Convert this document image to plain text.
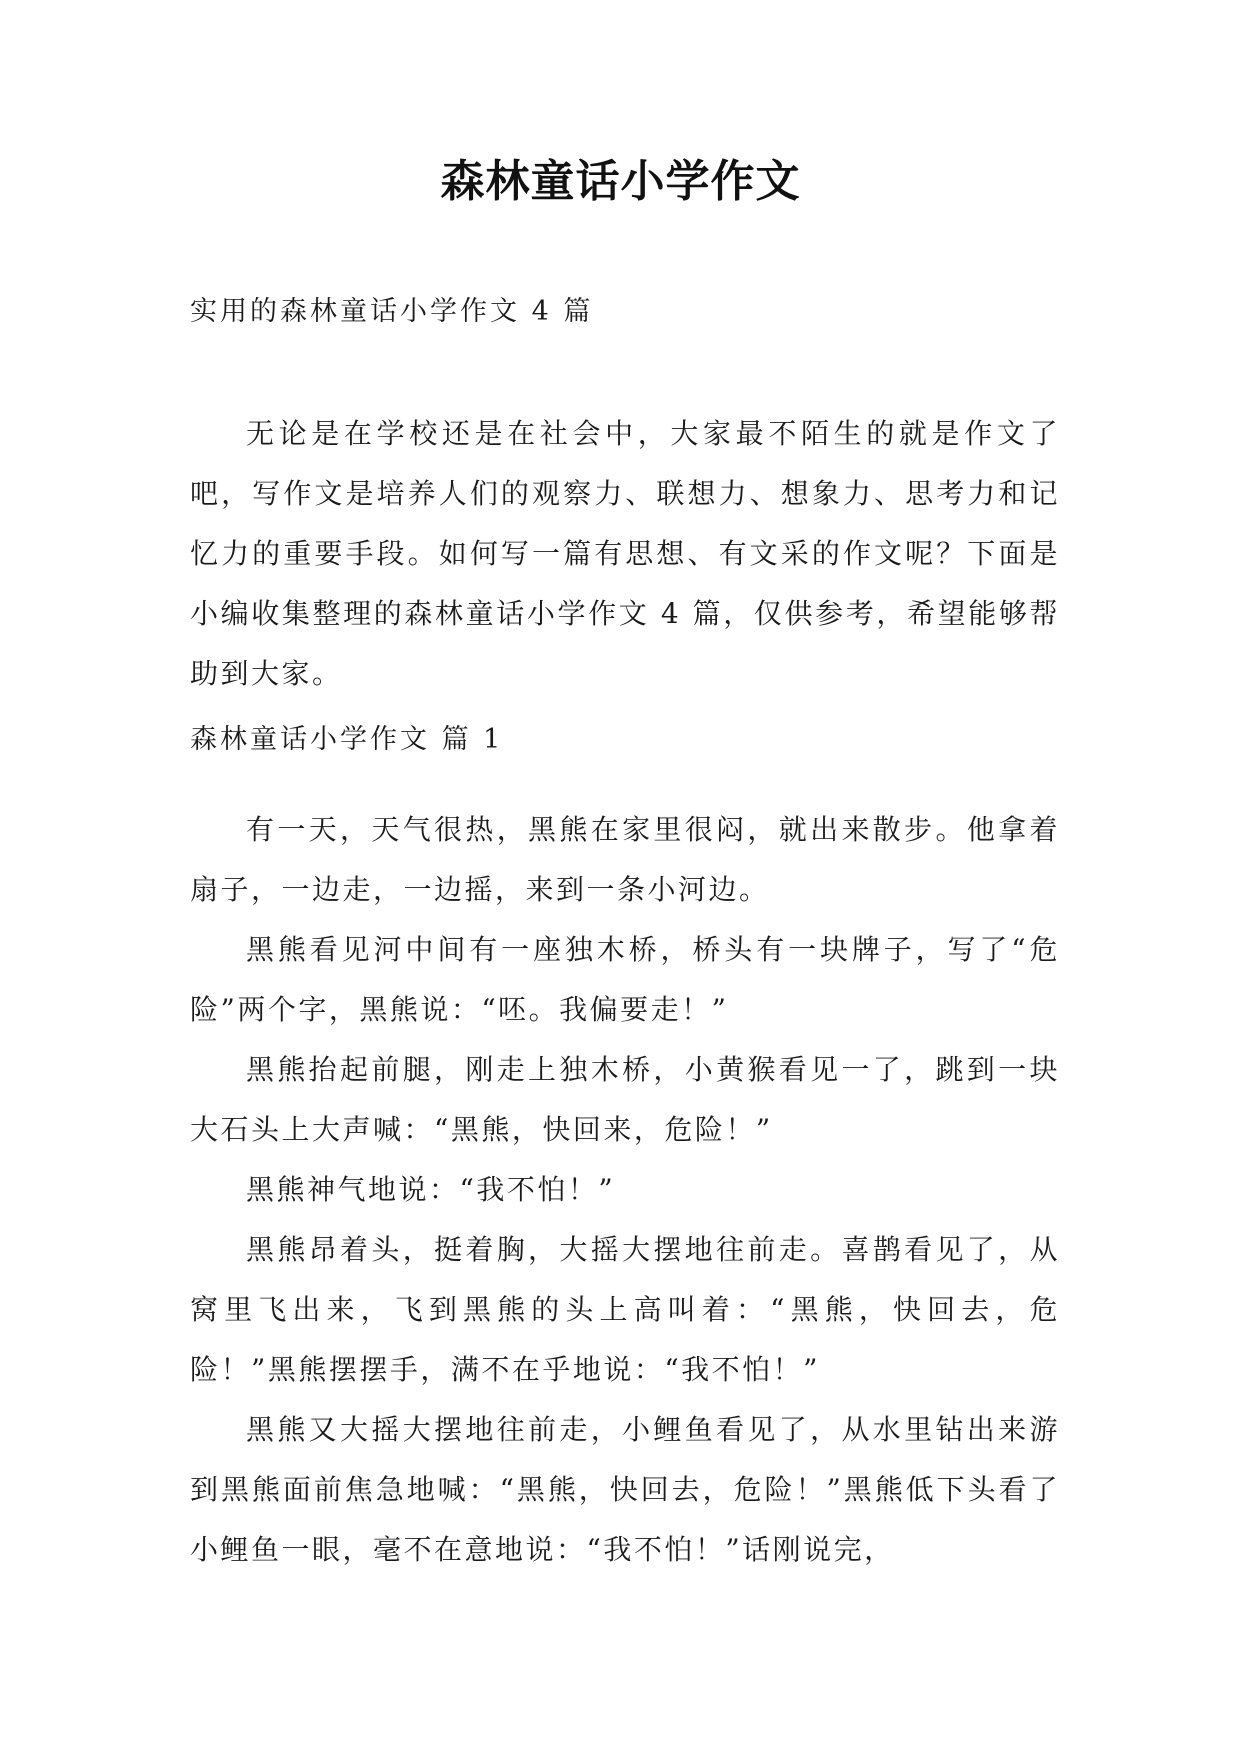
森林童话小学作文
实用的森林童话小学作文 4 篇

无论是在学校还是在社会中，大家最不陌生的就是作文了吧，写作文是培养人们的观察力、联想力、想象力、思考力和记忆力的重要手段。如何写一篇有思想、有文采的作文呢？下面是小编收集整理的森林童话小学作文 4 篇，仅供参考，希望能够帮助到大家。

森林童话小学作文 篇 1

有一天，天气很热，黑熊在家里很闷，就出来散步。他拿着扇子，一边走，一边摇，来到一条小河边。

黑熊看见河中间有一座独木桥，桥头有一块牌子，写了“危险”两个字，黑熊说：“呸。我偏要走！”

黑熊抬起前腿，刚走上独木桥，小黄猴看见一了，跳到一块大石头上大声喊：“黑熊，快回来，危险！”

黑熊神气地说：“我不怕！”

黑熊昂着头，挺着胸，大摇大摆地往前走。喜鹊看见了，从窝里飞出来，飞到黑熊的头上高叫着：“黑熊，快回去，危险！”黑熊摆摆手，满不在乎地说：“我不怕！”

黑熊又大摇大摆地往前走，小鲤鱼看见了，从水里钻出来游到黑熊面前焦急地喊：“黑熊，快回去，危险！”黑熊低下头看了小鲤鱼一眼，毫不在意地说：“我不怕！”话刚说完，
